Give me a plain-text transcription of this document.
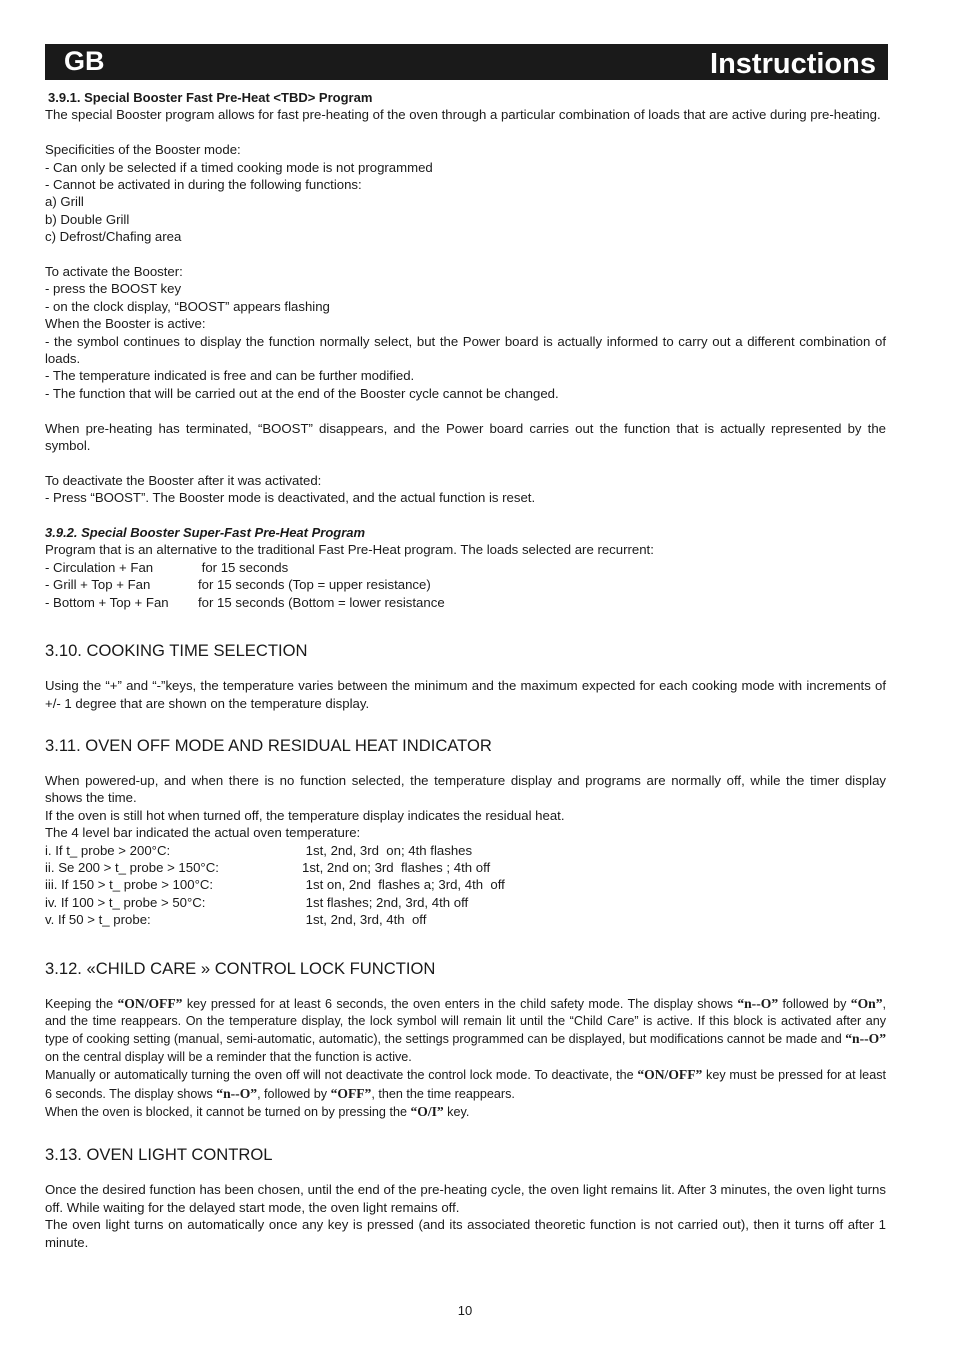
GB	Instructions
3.9.1. Special Booster Fast Pre-Heat <TBD> Program
The special Booster program allows for fast pre-heating of the oven through a particular combination of loads that are active during pre-heating.
Specificities of the Booster mode:
- Can only be selected if a timed cooking mode is not programmed
- Cannot be activated in during the following functions:
a) Grill
b) Double Grill
c) Defrost/Chafing area
To activate the Booster:
- press the BOOST key
- on the clock display, “BOOST” appears flashing
When the Booster is active:
- the symbol continues to display the function normally select, but the Power board is actually informed to carry out a different combination of loads.
- The temperature indicated is free and can be further modified.
- The function that will be carried out at the end of the Booster cycle cannot be changed.
When pre-heating has terminated, “BOOST” disappears, and the Power board carries out the function that is actually represented by the symbol.
To deactivate the Booster after it was activated:
- Press “BOOST”. The Booster mode is deactivated, and the actual function is reset.
3.9.2. Special Booster Super-Fast Pre-Heat Program
Program that is an alternative to the traditional Fast Pre-Heat program. The loads selected are recurrent:
- Circulation + Fan	for 15 seconds
- Grill + Top + Fan	for 15 seconds (Top = upper resistance)
- Bottom + Top + Fan	for 15 seconds (Bottom = lower resistance
3.10. COOKING TIME SELECTION
Using the “+” and “-”keys, the temperature varies between the minimum and the maximum expected for each cooking mode with increments of +/- 1 degree that are shown on the temperature display.
3.11. OVEN OFF MODE AND RESIDUAL HEAT INDICATOR
When powered-up, and when there is no function selected, the temperature display and programs are normally off, while the timer display shows the time.
If the oven is still hot when turned off, the temperature display indicates the residual heat.
The 4 level bar indicated the actual oven temperature:
i. If t_ probe > 200°C:	1st, 2nd, 3rd  on; 4th flashes
ii. Se 200 > t_ probe > 150°C:	1st, 2nd on; 3rd  flashes ; 4th off
iii. If 150 > t_ probe > 100°C:	1st on, 2nd  flashes a; 3rd, 4th  off
iv. If 100 > t_ probe > 50°C:	1st flashes; 2nd, 3rd, 4th off
v. If 50 > t_ probe:	1st, 2nd, 3rd, 4th  off
3.12. «CHILD CARE » CONTROL LOCK FUNCTION
Keeping the “ON/OFF” key pressed for at least 6 seconds, the oven enters in the child safety mode. The display shows “n--O” followed by “On”, and the time reappears. On the temperature display, the lock symbol will remain lit until the “Child Care” is active. If this block is activated after any type of cooking setting (manual, semi-automatic, automatic), the settings programmed can be displayed, but modifications cannot be made and “n--O” on the central display will be a reminder that the function is active.
Manually or automatically turning the oven off will not deactivate the control lock mode. To deactivate, the “ON/OFF” key must be pressed for at least 6 seconds. The display shows “n--O”, followed by “OFF”, then the time reappears.
When the oven is blocked, it cannot be turned on by pressing the “O/I” key.
3.13. OVEN LIGHT CONTROL
Once the desired function has been chosen, until the end of the pre-heating cycle, the oven light remains lit. After 3 minutes, the oven light turns off. While waiting for the delayed start mode, the oven light remains off.
The oven light turns on automatically once any key is pressed (and its associated theoretic function is not carried out), then it turns off after 1 minute.
10
